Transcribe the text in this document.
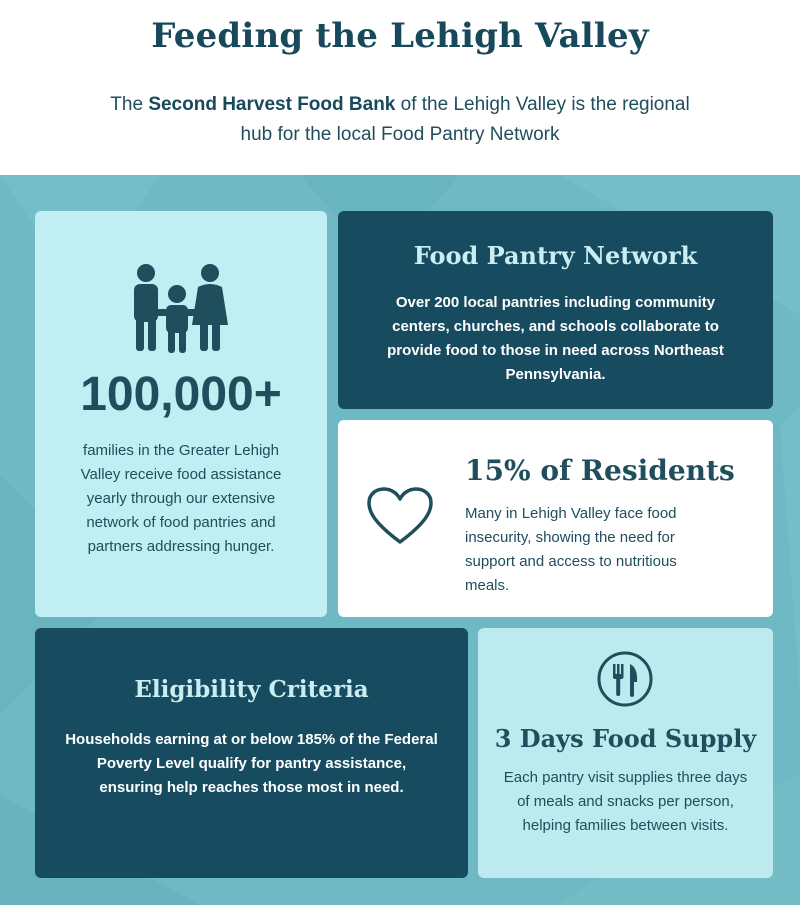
Feeding the Lehigh Valley
The Second Harvest Food Bank of the Lehigh Valley is the regional hub for the local Food Pantry Network
100,000+
families in the Greater Lehigh Valley receive food assistance yearly through our extensive network of food pantries and partners addressing hunger.
Food Pantry Network
Over 200 local pantries including community centers, churches, and schools collaborate to provide food to those in need across Northeast Pennsylvania.
15% of Residents
Many in Lehigh Valley face food insecurity, showing the need for support and access to nutritious meals.
Eligibility Criteria
Households earning at or below 185% of the Federal Poverty Level qualify for pantry assistance, ensuring help reaches those most in need.
3 Days Food Supply
Each pantry visit supplies three days of meals and snacks per person, helping families between visits.
